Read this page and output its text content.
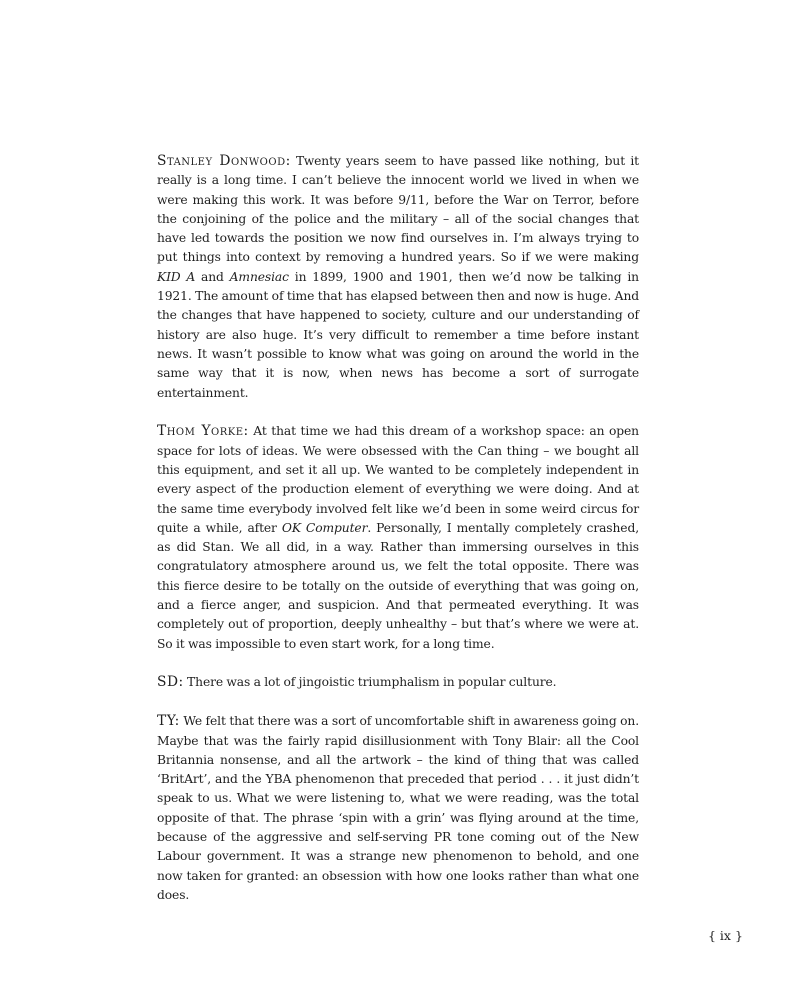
Stanley Donwood: Twenty years seem to have passed like nothing, but it really is a long time. I can’t believe the innocent world we lived in when we were making this work. It was before 9/11, before the War on Terror, before the conjoining of the police and the military – all of the social changes that have led towards the position we now find ourselves in. I’m always trying to put things into context by removing a hundred years. So if we were making KID A and Amnesiac in 1899, 1900 and 1901, then we’d now be talking in 1921. The amount of time that has elapsed between then and now is huge. And the changes that have happened to society, culture and our understanding of history are also huge. It’s very difficult to remember a time before instant news. It wasn’t possible to know what was going on around the world in the same way that it is now, when news has become a sort of surrogate entertainment.

Thom Yorke: At that time we had this dream of a workshop space: an open space for lots of ideas. We were obsessed with the Can thing – we bought all this equipment, and set it all up. We wanted to be completely independent in every aspect of the production element of everything we were doing. And at the same time everybody involved felt like we’d been in some weird circus for quite a while, after OK Computer. Personally, I mentally completely crashed, as did Stan. We all did, in a way. Rather than immersing ourselves in this congratulatory atmosphere around us, we felt the total opposite. There was this fierce desire to be totally on the outside of everything that was going on, and a fierce anger, and suspicion. And that permeated everything. It was completely out of proportion, deeply unhealthy – but that’s where we were at. So it was impossible to even start work, for a long time.

SD: There was a lot of jingoistic triumphalism in popular culture.

TY: We felt that there was a sort of uncomfortable shift in awareness going on. Maybe that was the fairly rapid disillusionment with Tony Blair: all the Cool Britannia nonsense, and all the artwork – the kind of thing that was called ‘BritArt’, and the YBA phenomenon that preceded that period . . . it just didn’t speak to us. What we were listening to, what we were reading, was the total opposite of that. The phrase ‘spin with a grin’ was flying around at the time, because of the aggressive and self-serving PR tone coming out of the New Labour government. It was a strange new phenomenon to behold, and one now taken for granted: an obsession with how one looks rather than what one does.

{ ix }
